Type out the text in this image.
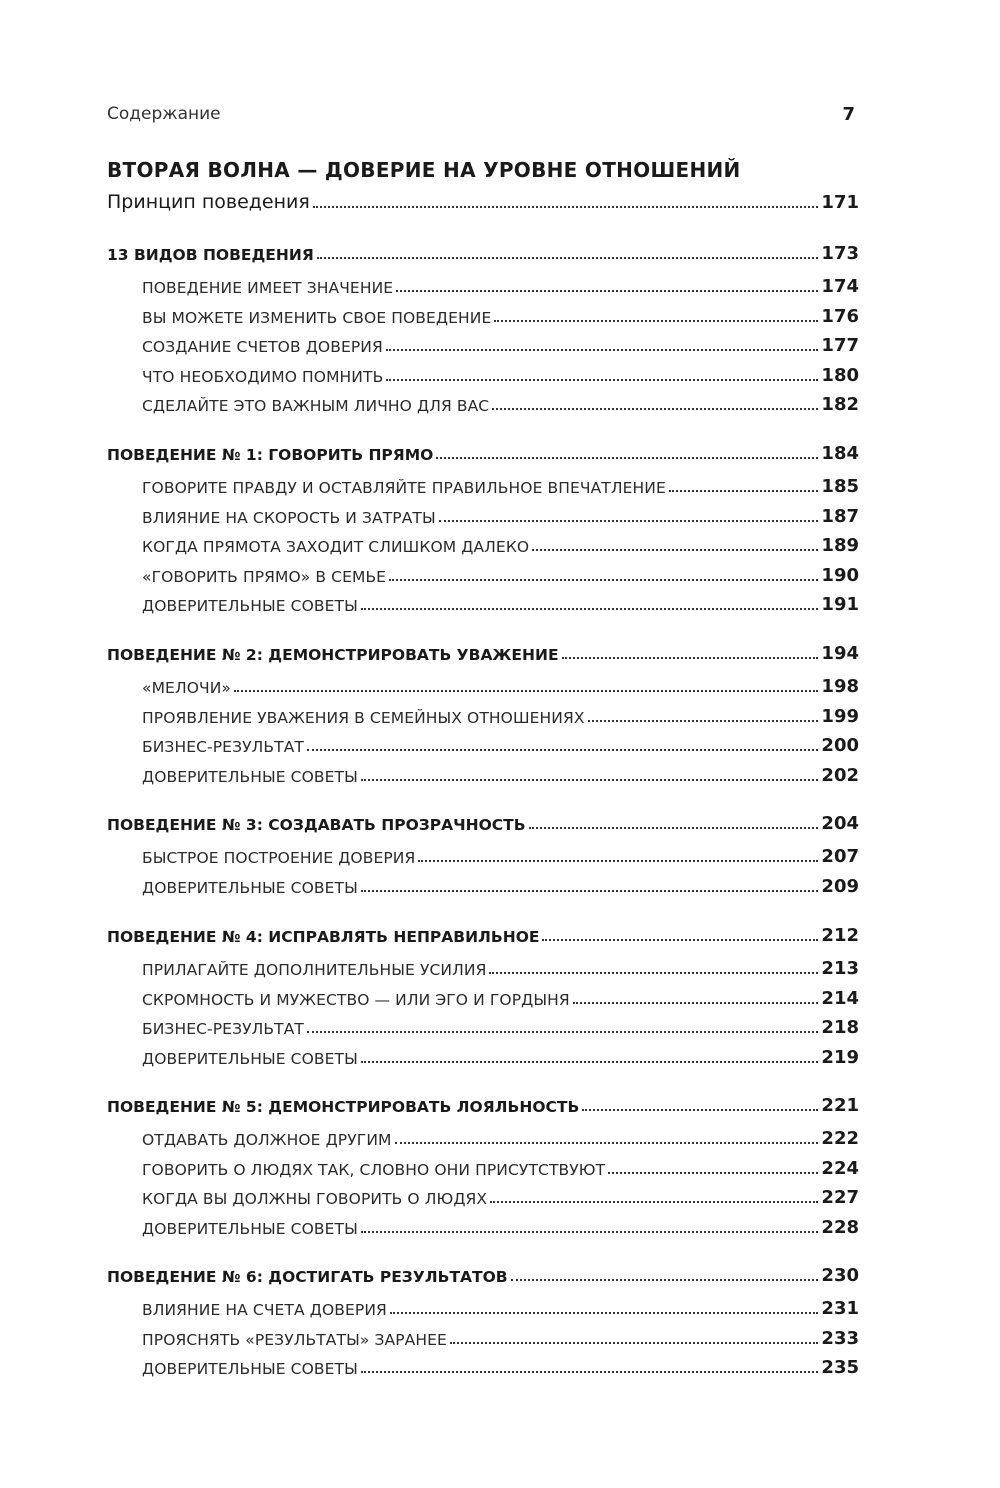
Содержание	7
ВТОРАЯ ВОЛНА — ДОВЕРИЕ НА УРОВНЕ ОТНОШЕНИЙ
Принцип поведения	171
13 ВИДОВ ПОВЕДЕНИЯ	173
ПОВЕДЕНИЕ ИМЕЕТ ЗНАЧЕНИЕ	174
ВЫ МОЖЕТЕ ИЗМЕНИТЬ СВОЕ ПОВЕДЕНИЕ	176
СОЗДАНИЕ СЧЕТОВ ДОВЕРИЯ	177
ЧТО НЕОБХОДИМО ПОМНИТЬ	180
СДЕЛАЙТЕ ЭТО ВАЖНЫМ ЛИЧНО ДЛЯ ВАС	182
ПОВЕДЕНИЕ № 1: ГОВОРИТЬ ПРЯМО	184
ГОВОРИТЕ ПРАВДУ И ОСТАВЛЯЙТЕ ПРАВИЛЬНОЕ ВПЕЧАТЛЕНИЕ	185
ВЛИЯНИЕ НА СКОРОСТЬ И ЗАТРАТЫ	187
КОГДА ПРЯМОТА ЗАХОДИТ СЛИШКОМ ДАЛЕКО	189
«ГОВОРИТЬ ПРЯМО» В СЕМЬЕ	190
ДОВЕРИТЕЛЬНЫЕ СОВЕТЫ	191
ПОВЕДЕНИЕ № 2: ДЕМОНСТРИРОВАТЬ УВАЖЕНИЕ	194
«МЕЛОЧИ»	198
ПРОЯВЛЕНИЕ УВАЖЕНИЯ В СЕМЕЙНЫХ ОТНОШЕНИЯХ	199
БИЗНЕС-РЕЗУЛЬТАТ	200
ДОВЕРИТЕЛЬНЫЕ СОВЕТЫ	202
ПОВЕДЕНИЕ № 3: СОЗДАВАТЬ ПРОЗРАЧНОСТЬ	204
БЫСТРОЕ ПОСТРОЕНИЕ ДОВЕРИЯ	207
ДОВЕРИТЕЛЬНЫЕ СОВЕТЫ	209
ПОВЕДЕНИЕ № 4: ИСПРАВЛЯТЬ НЕПРАВИЛЬНОЕ	212
ПРИЛАГАЙТЕ ДОПОЛНИТЕЛЬНЫЕ УСИЛИЯ	213
СКРОМНОСТЬ И МУЖЕСТВО — ИЛИ ЭГО И ГОРДЫНЯ	214
БИЗНЕС-РЕЗУЛЬТАТ	218
ДОВЕРИТЕЛЬНЫЕ СОВЕТЫ	219
ПОВЕДЕНИЕ № 5: ДЕМОНСТРИРОВАТЬ ЛОЯЛЬНОСТЬ	221
ОТДАВАТЬ ДОЛЖНОЕ ДРУГИМ	222
ГОВОРИТЬ О ЛЮДЯХ ТАК, СЛОВНО ОНИ ПРИСУТСТВУЮТ	224
КОГДА ВЫ ДОЛЖНЫ ГОВОРИТЬ О ЛЮДЯХ	227
ДОВЕРИТЕЛЬНЫЕ СОВЕТЫ	228
ПОВЕДЕНИЕ № 6: ДОСТИГАТЬ РЕЗУЛЬТАТОВ	230
ВЛИЯНИЕ НА СЧЕТА ДОВЕРИЯ	231
ПРОЯСНЯТЬ «РЕЗУЛЬТАТЫ» ЗАРАНЕЕ	233
ДОВЕРИТЕЛЬНЫЕ СОВЕТЫ	235
